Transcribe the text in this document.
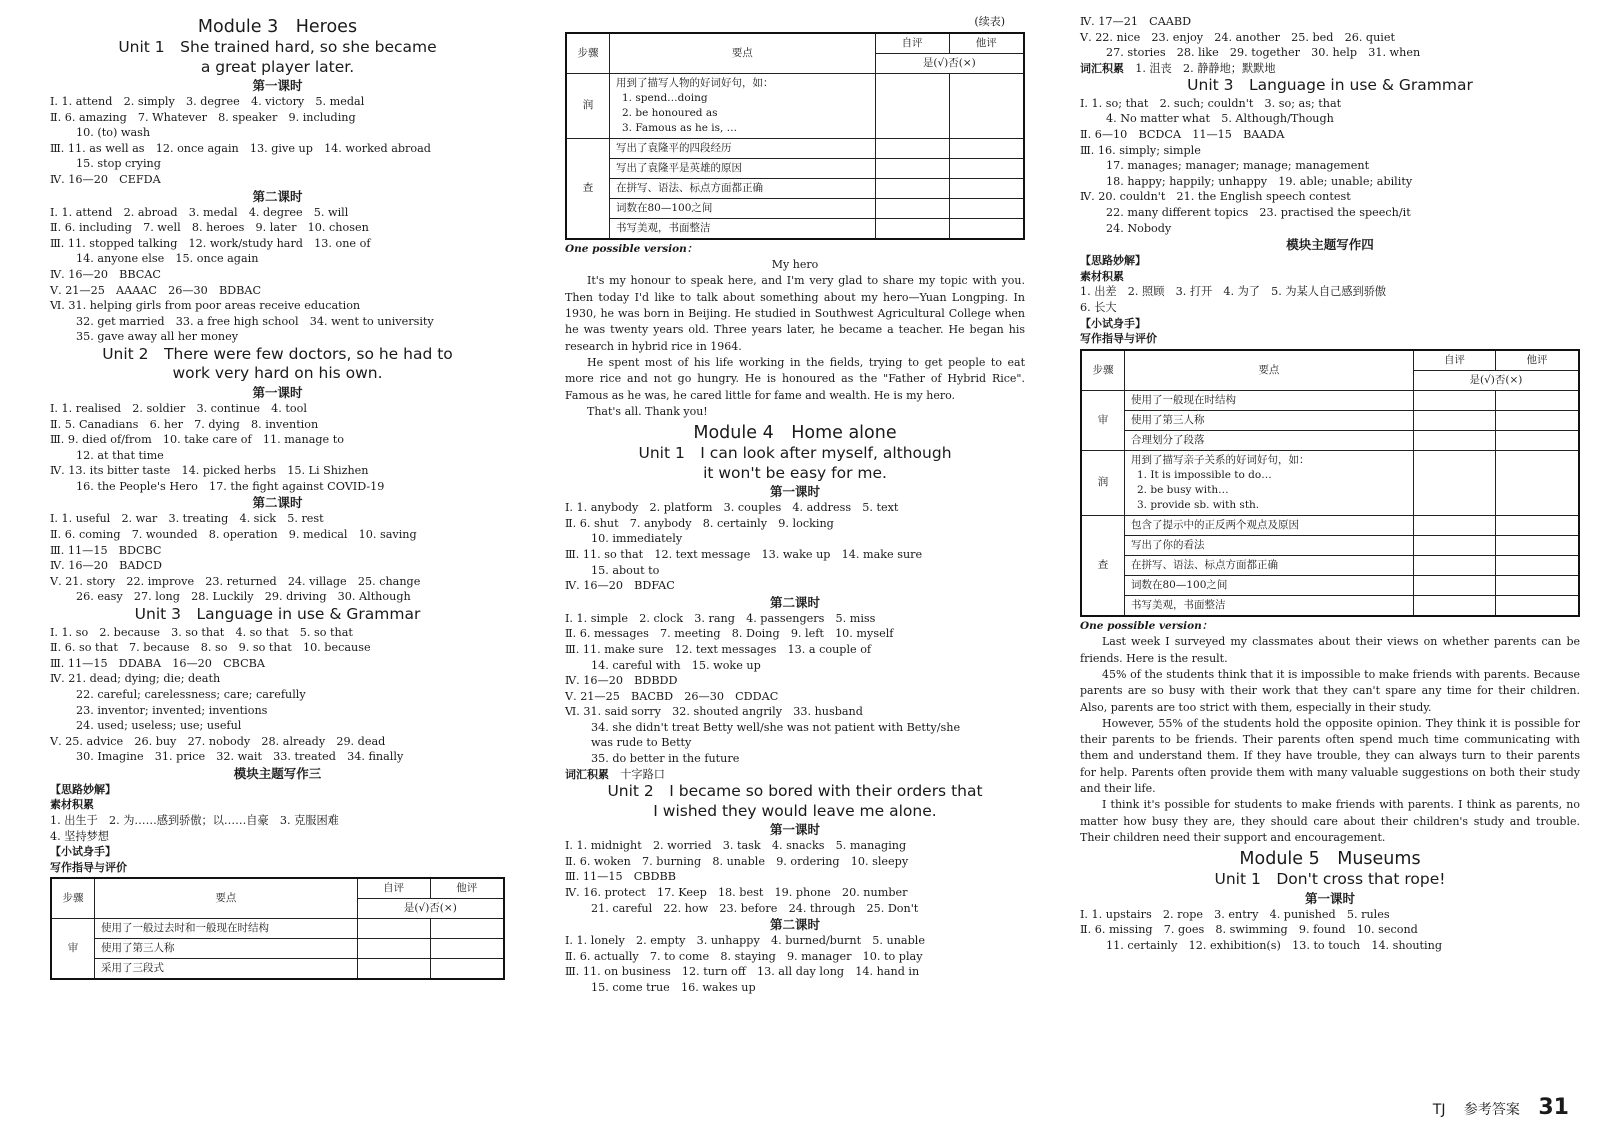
Module 3　Heroes
Unit 1　She trained hard, so she became
a great player later.
第一课时
Ⅰ. 1. attend　2. simply　3. degree　4. victory　5. medal
Ⅱ. 6. amazing　7. Whatever　8. speaker　9. including
10. (to) wash
Ⅲ. 11. as well as　12. once again　13. give up　14. worked abroad
15. stop crying
Ⅳ. 16—20　CEFDA
第二课时
Ⅰ. 1. attend　2. abroad　3. medal　4. degree　5. will
Ⅱ. 6. including　7. well　8. heroes　9. later　10. chosen
Ⅲ. 11. stopped talking　12. work/study hard　13. one of
14. anyone else　15. once again
Ⅳ. 16—20　BBCAC
Ⅴ. 21—25　AAAAC　26—30　BDBAC
Ⅵ. 31. helping girls from poor areas receive education
32. get married　33. a free high school　34. went to university
35. gave away all her money
Unit 2　There were few doctors, so he had to
work very hard on his own.
第一课时
Ⅰ. 1. realised　2. soldier　3. continue　4. tool
Ⅱ. 5. Canadians　6. her　7. dying　8. invention
Ⅲ. 9. died of/from　10. take care of　11. manage to
12. at that time
Ⅳ. 13. its bitter taste　14. picked herbs　15. Li Shizhen
16. the People's Hero　17. the fight against COVID-19
第二课时
Ⅰ. 1. useful　2. war　3. treating　4. sick　5. rest
Ⅱ. 6. coming　7. wounded　8. operation　9. medical　10. saving
Ⅲ. 11—15　BDCBC
Ⅳ. 16—20　BADCD
Ⅴ. 21. story　22. improve　23. returned　24. village　25. change
26. easy　27. long　28. Luckily　29. driving　30. Although
Unit 3　Language in use & Grammar
Ⅰ. 1. so　2. because　3. so that　4. so that　5. so that
Ⅱ. 6. so that　7. because　8. so　9. so that　10. because
Ⅲ. 11—15　DDABA　16—20　CBCBA
Ⅳ. 21. dead; dying; die; death
22. careful; carelessness; care; carefully
23. inventor; invented; inventions
24. used; useless; use; useful
Ⅴ. 25. advice　26. buy　27. nobody　28. already　29. dead
30. Imagine　31. price　32. wait　33. treated　34. finally
模块主题写作三
【思路妙解】
素材积累
1. 出生于　2. 为……感到骄傲；以……自豪　3. 克服困难
4. 坚持梦想
【小试身手】
写作指导与评价
步骤	要点	自评	他评
		是(√)否(×)	
审	使用了一般过去时和一般现在时结构		
	使用了第三人称		
	采用了三段式		
(续表)
步骤	要点	自评	他评
		是(√)否(×)	
润	用到了描写人物的好词好句，如：
1. spend…doing
2. be honoured as
3. Famous as he is, …		

查	写出了袁隆平的四段经历		
	写出了袁隆平是英雄的原因		
	在拼写、语法、标点方面都正确		
	词数在80—100之间		
	书写美观，书面整洁		
One possible version：

My hero

It's my honour to speak here, and I'm very glad to share my topic with you. Then today I'd like to talk about something about my hero—Yuan Longping. In 1930, he was born in Beijing. He studied in Southwest Agricultural College when he was twenty years old. Three years later, he became a teacher. He began his research in hybrid rice in 1964.

He spent most of his life working in the fields, trying to get people to eat more rice and not go hungry. He is honoured as the "Father of Hybrid Rice". Famous as he was, he cared little for fame and wealth. He is my hero.

That's all. Thank you!

Module 4　Home alone
Unit 1　I can look after myself, although
it won't be easy for me.
第一课时
Ⅰ. 1. anybody　2. platform　3. couples　4. address　5. text
Ⅱ. 6. shut　7. anybody　8. certainly　9. locking
10. immediately
Ⅲ. 11. so that　12. text message　13. wake up　14. make sure
15. about to
Ⅳ. 16—20　BDFAC
第二课时
Ⅰ. 1. simple　2. clock　3. rang　4. passengers　5. miss
Ⅱ. 6. messages　7. meeting　8. Doing　9. left　10. myself
Ⅲ. 11. make sure　12. text messages　13. a couple of
14. careful with　15. woke up
Ⅳ. 16—20　BDBDD
Ⅴ. 21—25　BACBD　26—30　CDDAC
Ⅵ. 31. said sorry　32. shouted angrily　33. husband
34. she didn't treat Betty well/she was not patient with Betty/she
was rude to Betty
35. do better in the future
词汇积累　 十字路口
Unit 2　I became so bored with their orders that
I wished they would leave me alone.
第一课时
Ⅰ. 1. midnight　2. worried　3. task　4. snacks　5. managing
Ⅱ. 6. woken　7. burning　8. unable　9. ordering　10. sleepy
Ⅲ. 11—15　CBDBB
Ⅳ. 16. protect　17. Keep　18. best　19. phone　20. number
21. careful　22. how　23. before　24. through　25. Don't
第二课时
Ⅰ. 1. lonely　2. empty　3. unhappy　4. burned/burnt　5. unable
Ⅱ. 6. actually　7. to come　8. staying　9. manager　10. to play
Ⅲ. 11. on business　12. turn off　13. all day long　14. hand in
15. come true　16. wakes up
Ⅳ. 17—21　CAABD
Ⅴ. 22. nice　23. enjoy　24. another　25. bed　26. quiet
27. stories　28. like　29. together　30. help　31. when
词汇积累　 1. 沮丧　2. 静静地；默默地
Unit 3　Language in use & Grammar
Ⅰ. 1. so; that　2. such; couldn't　3. so; as; that
4. No matter what　5. Although/Though
Ⅱ. 6—10　BCDCA　11—15　BAADA
Ⅲ. 16. simply; simple
17. manages; manager; manage; management
18. happy; happily; unhappy　19. able; unable; ability
Ⅳ. 20. couldn't　21. the English speech contest
22. many different topics　23. practised the speech/it
24. Nobody
模块主题写作四
【思路妙解】
素材积累
1. 出差　2. 照顾　3. 打开　4. 为了　5. 为某人自己感到骄傲
6. 长大
【小试身手】
写作指导与评价
步骤	要点	自评	他评
		是(√)否(×)	
审	使用了一般现在时结构		
	使用了第三人称		
	合理划分了段落		
润	用到了描写亲子关系的好词好句，如：
1. It is impossible to do…
2. be busy with…
3. provide sb. with sth.		

查	包含了提示中的正反两个观点及原因		
	写出了你的看法		
	在拼写、语法、标点方面都正确		
	词数在80—100之间		
	书写美观，书面整洁		
One possible version：

Last week I surveyed my classmates about their views on whether parents can be friends. Here is the result.

45% of the students think that it is impossible to make friends with parents. Because parents are so busy with their work that they can't spare any time for their children. Also, parents are too strict with them, especially in their study.

However, 55% of the students hold the opposite opinion. They think it is possible for their parents to be friends. Their parents often spend much time communicating with them and understand them. If they have trouble, they can always turn to their parents for help. Parents often provide them with many valuable suggestions on both their study and their life.

I think it's possible for students to make friends with parents. I think as parents, no matter how busy they are, they should care about their children's study and trouble. Their children need their support and encouragement.

Module 5　Museums
Unit 1　Don't cross that rope!
第一课时
Ⅰ. 1. upstairs　2. rope　3. entry　4. punished　5. rules
Ⅱ. 6. missing　7. goes　8. swimming　9. found　10. second
11. certainly　12. exhibition(s)　13. to touch　14. shouting
TJ 参考答案 31
